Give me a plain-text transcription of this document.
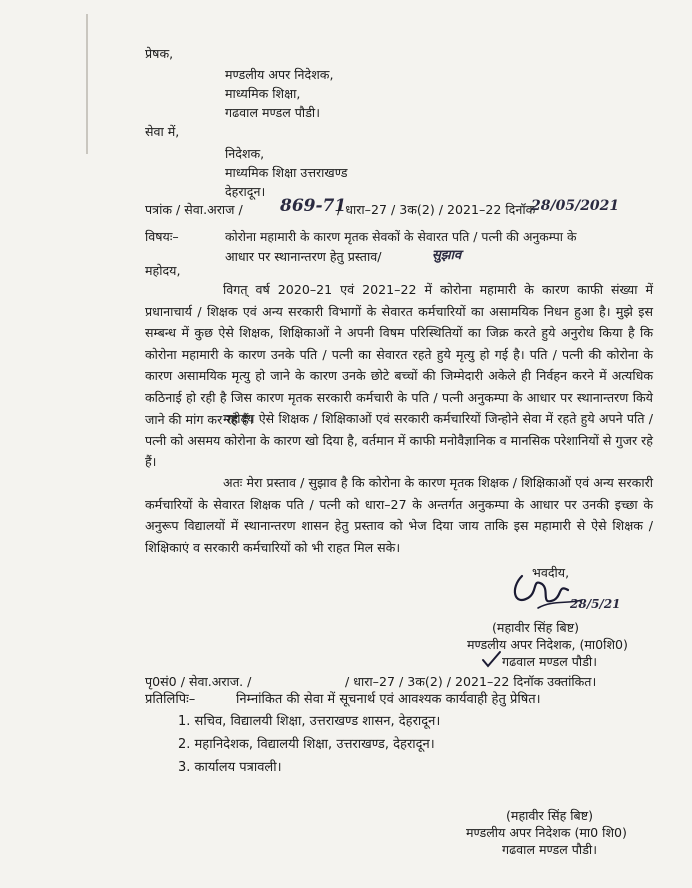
प्रेषक,
मण्डलीय अपर निदेशक,
माध्यमिक शिक्षा,
गढवाल मण्डल पौडी।
सेवा में,
निदेशक,
माध्यमिक शिक्षा उत्तराखण्ड
देहरादून।
पत्रांक / सेवा.अराज / 869-71
/ धारा–27 / 3क(2) / 2021–22 दिनॉक
28/05/2021
विषयः–	कोरोना महामारी के कारण मृतक सेवकों के सेवारत पति / पत्नी की अनुकम्पा के
आधार पर स्थानान्तरण हेतु प्रस्ताव/	सुझाव
महोदय,
विगत् वर्ष 2020–21 एवं 2021–22 में कोरोना महामारी के कारण काफी संख्या में प्रधानाचार्य / शिक्षक एवं अन्य सरकारी विभागों के सेवारत कर्मचारियों का असामयिक निधन हुआ है। मुझे इस सम्बन्ध में कुछ ऐसे शिक्षक, शिक्षिकाओं ने अपनी विषम परिस्थितियों का जिक्र करते हुये अनुरोध किया है कि कोरोना महामारी के कारण उनके पति / पत्नी का सेवारत रहते हुये मृत्यु हो गई है। पति / पत्नी की कोरोना के कारण असामयिक मृत्यु हो जाने के कारण उनके छोटे बच्चों की जिम्मेदारी अकेले ही निर्वहन करने में अत्यधिक कठिनाई हो रही है जिस कारण मृतक सरकारी कर्मचारी के पति / पत्नी अनुकम्पा के आधार पर स्थानान्तरण किये जाने की मांग कर रहे हैं।
महोदय ऐसे शिक्षक / शिक्षिकाओं एवं सरकारी कर्मचारियों जिन्होने सेवा में रहते हुये अपने पति / पत्नी को असमय कोरोना के कारण खो दिया है, वर्तमान में काफी मनोवैज्ञानिक व मानसिक परेशानियों से गुजर रहे हैं।
अतः मेरा प्रस्ताव / सुझाव है कि कोरोना के कारण मृतक शिक्षक / शिक्षिकाओं एवं अन्य सरकारी कर्मचारियों के सेवारत शिक्षक पति / पत्नी को धारा–27 के अन्तर्गत अनुकम्पा के आधार पर उनकी इच्छा के अनुरूप विद्यालयों में स्थानान्तरण शासन हेतु प्रस्ताव को भेज दिया जाय ताकि इस महामारी से ऐसे शिक्षक / शिक्षिकाएं व सरकारी कर्मचारियों को भी राहत मिल सके।
भवदीय,
28/5/21
(महावीर सिंह बिष्ट)
मण्डलीय अपर निदेशक, (मा0शि0)
गढवाल मण्डल पौडी।
पृ0सं0 / सेवा.अराज. /	/ धारा–27 / 3क(2) / 2021–22 दिनॉक उक्तांकित।
प्रतिलिपिः–	निम्नांकित की सेवा में सूचनार्थ एवं आवश्यक कार्यवाही हेतु प्रेषित।
1. सचिव, विद्यालयी शिक्षा, उत्तराखण्ड शासन, देहरादून।
2. महानिदेशक, विद्यालयी शिक्षा, उत्तराखण्ड, देहरादून।
3. कार्यालय पत्रावली।
(महावीर सिंह बिष्ट)
मण्डलीय अपर निदेशक (मा0 शि0)
गढवाल मण्डल पौडी।
